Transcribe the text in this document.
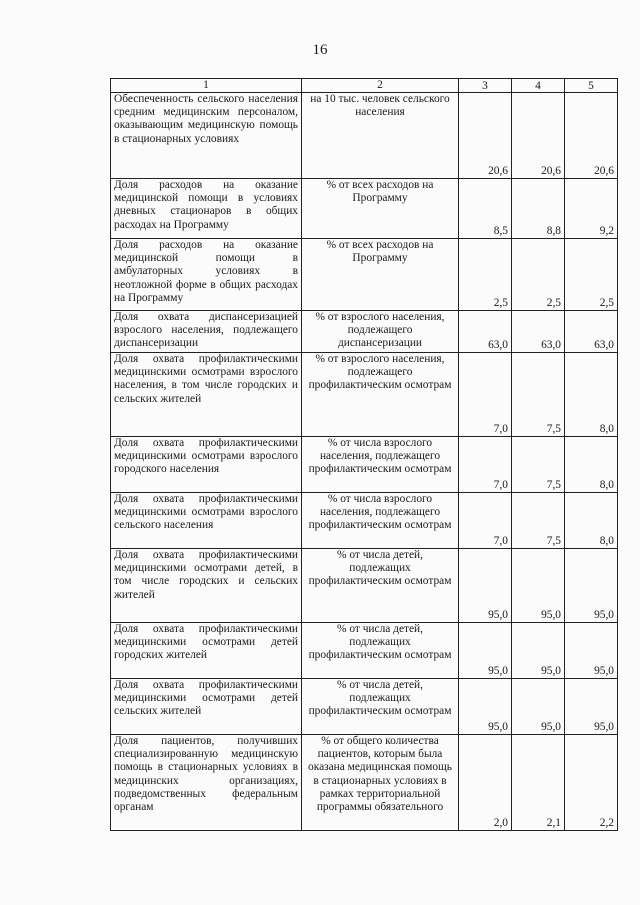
16
1	2	3	4	5
Обеспеченность сельского населения средним медицинским персоналом, оказывающим медицинскую помощь в стационарных условиях	на 10 тыс. человек сельского населения	20,6	20,6	20,6
Доля расходов на оказание медицинской помощи в условиях дневных стационаров в общих расходах на Программу	% от всех расходов на Программу	8,5	8,8	9,2
Доля расходов на оказание медицинской помощи в амбулаторных условиях в неотложной форме в общих расходах на Программу	% от всех расходов на Программу	2,5	2,5	2,5
Доля охвата диспансеризацией взрослого населения, подлежащего диспансеризации	% от взрослого населения, подлежащего диспансеризации	63,0	63,0	63,0
Доля охвата профилактическими медицинскими осмотрами взрослого населения, в том числе городских и сельских жителей	% от взрослого населения, подлежащего профилактическим осмотрам	7,0	7,5	8,0
Доля охвата профилактическими медицинскими осмотрами взрослого городского населения	% от числа взрослого населения, подлежащего профилактическим осмотрам	7,0	7,5	8,0
Доля охвата профилактическими медицинскими осмотрами взрослого сельского населения	% от числа взрослого населения, подлежащего профилактическим осмотрам	7,0	7,5	8,0
Доля охвата профилактическими медицинскими осмотрами детей, в том числе городских и сельских жителей	% от числа детей, подлежащих профилактическим осмотрам	95,0	95,0	95,0
Доля охвата профилактическими медицинскими осмотрами детей городских жителей	% от числа детей, подлежащих профилактическим осмотрам	95,0	95,0	95,0
Доля охвата профилактическими медицинскими осмотрами детей сельских жителей	% от числа детей, подлежащих профилактическим осмотрам	95,0	95,0	95,0
Доля пациентов, получивших специализированную медицинскую помощь в стационарных условиях в медицинских организациях, подведомственных федеральным органам	% от общего количества пациентов, которым была оказана медицинская помощь в стационарных условиях в рамках территориальной программы обязательного	2,0	2,1	2,2
